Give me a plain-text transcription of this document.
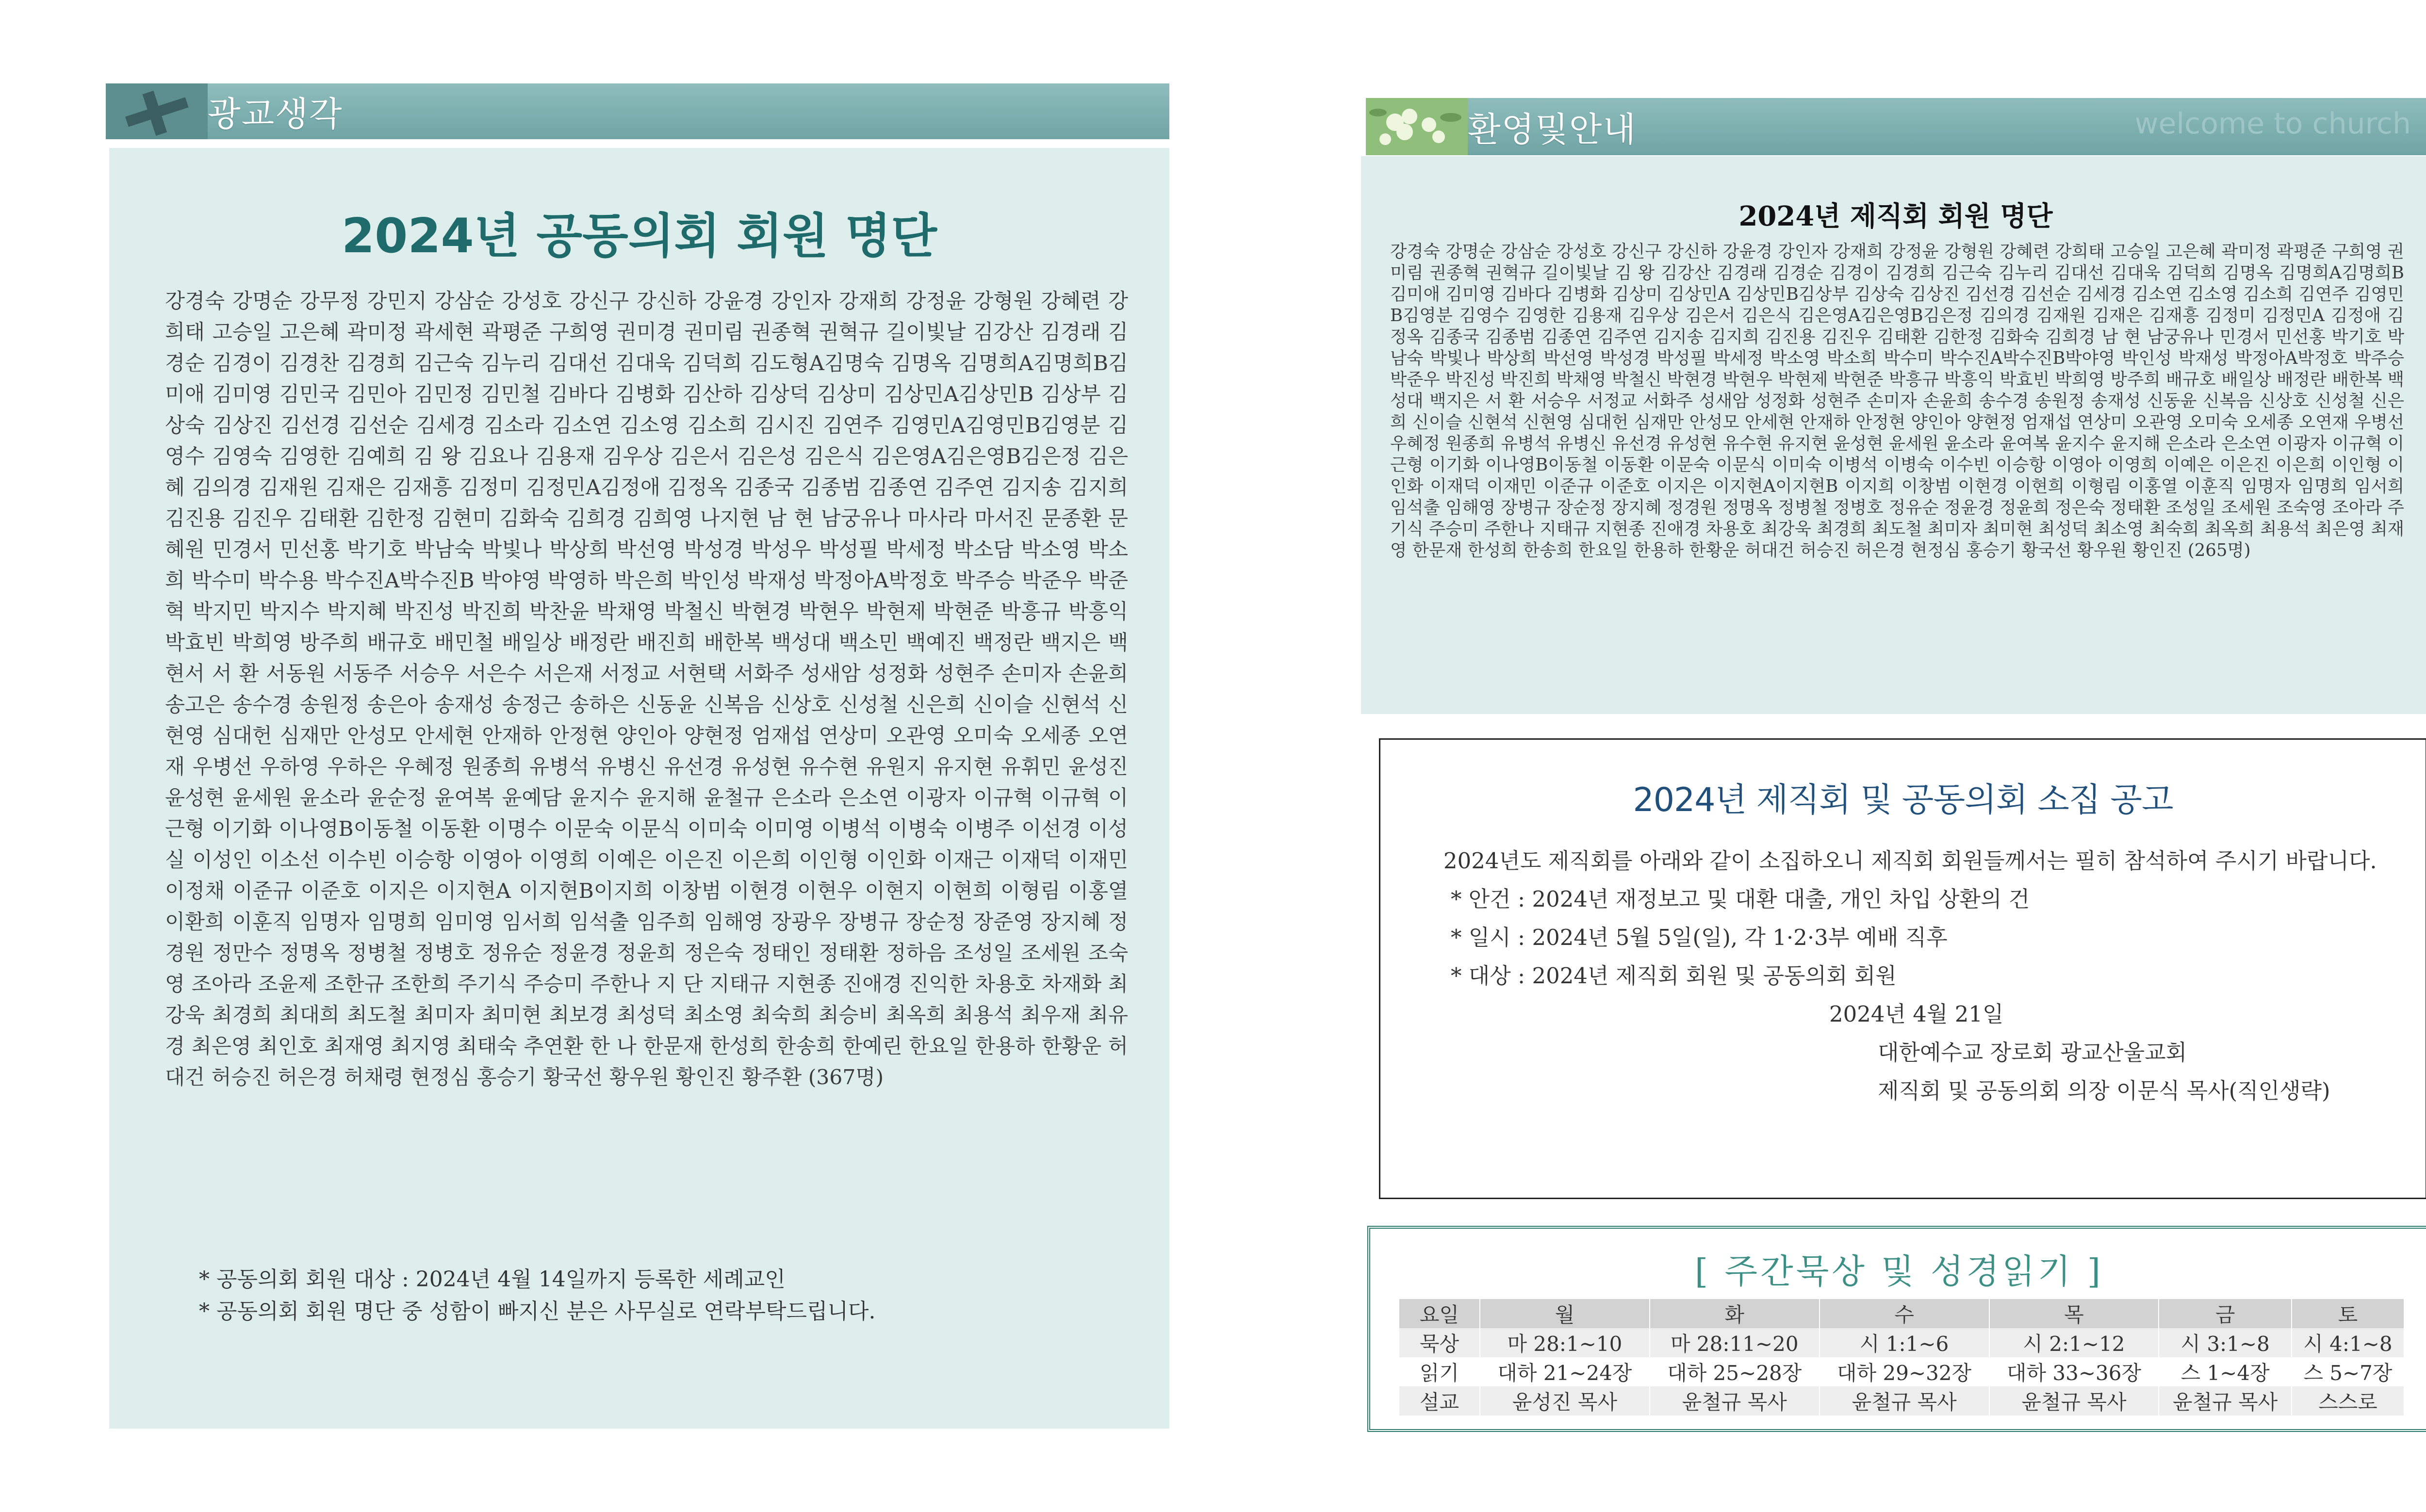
광교생각
2024년 공동의회 회원 명단

강경숙 강명순 강무정 강민지 강삼순 강성호 강신구 강신하 강윤경 강인자 강재희 강정윤 강형원 강혜련 강희태 고승일 고은혜 곽미정 곽세현 곽평준 구희영 권미경 권미림 권종혁 권혁규 길이빛날 김강산 김경래 김경순 김경이 김경찬 김경희 김근숙 김누리 김대선 김대욱 김덕희 김도형A김명숙 김명옥 김명희A김명희B김미애 김미영 김민국 김민아 김민정 김민철 김바다 김병화 김산하 김상덕 김상미 김상민A김상민B 김상부 김상숙 김상진 김선경 김선순 김세경 김소라 김소연 김소영 김소희 김시진 김연주 김영민A김영민B김영분 김영수 김영숙 김영한 김예희 김 왕 김요나 김용재 김우상 김은서 김은성 김은식 김은영A김은영B김은정 김은혜 김의경 김재원 김재은 김재흥 김정미 김정민A김정애 김정옥 김종국 김종범 김종연 김주연 김지송 김지희 김진용 김진우 김태환 김한정 김현미 김화숙 김희경 김희영 나지현 남 현 남궁유나 마사라 마서진 문종환 문혜원 민경서 민선홍 박기호 박남숙 박빛나 박상희 박선영 박성경 박성우 박성필 박세정 박소담 박소영 박소희 박수미 박수용 박수진A박수진B 박야영 박영하 박은희 박인성 박재성 박정아A박정호 박주승 박준우 박준혁 박지민 박지수 박지혜 박진성 박진희 박찬윤 박채영 박철신 박현경 박현우 박현제 박현준 박흥규 박흥익 박효빈 박희영 방주희 배규호 배민철 배일상 배정란 배진희 배한복 백성대 백소민 백예진 백정란 백지은 백현서 서 환 서동원 서동주 서승우 서은수 서은재 서정교 서현택 서화주 성새암 성정화 성현주 손미자 손윤희 송고은 송수경 송원정 송은아 송재성 송정근 송하은 신동윤 신복음 신상호 신성철 신은희 신이슬 신현석 신현영 심대헌 심재만 안성모 안세현 안재하 안정현 양인아 양현정 엄재섭 연상미 오관영 오미숙 오세종 오연재 우병선 우하영 우하은 우혜정 원종희 유병석 유병신 유선경 유성현 유수현 유원지 유지현 유휘민 윤성진 윤성현 윤세원 윤소라 윤순정 윤여복 윤예담 윤지수 윤지해 윤철규 은소라 은소연 이광자 이규혁 이규혁 이근형 이기화 이나영B이동철 이동환 이명수 이문숙 이문식 이미숙 이미영 이병석 이병숙 이병주 이선경 이성실 이성인 이소선 이수빈 이승항 이영아 이영희 이예은 이은진 이은희 이인형 이인화 이재근 이재덕 이재민 이정채 이준규 이준호 이지은 이지현A 이지현B이지희 이창범 이현경 이현우 이현지 이현희 이형림 이홍열 이환희 이훈직 임명자 임명희 임미영 임서희 임석출 임주희 임해영 장광우 장병규 장순정 장준영 장지혜 정경원 정만수 정명옥 정병철 정병호 정유순 정윤경 정윤희 정은숙 정태인 정태환 정하음 조성일 조세원 조숙영 조아라 조윤제 조한규 조한희 주기식 주승미 주한나 지 단 지태규 지현종 진애경 진익한 차용호 차재화 최강욱 최경희 최대희 최도철 최미자 최미현 최보경 최성덕 최소영 최숙희 최승비 최옥희 최용석 최우재 최유경 최은영 최인호 최재영 최지영 최태숙 추연환 한 나 한문재 한성희 한송희 한예린 한요일 한용하 한황운 허대건 허승진 허은경 허채령 현정심 홍승기 황국선 황우원 황인진 황주환 (367명)

* 공동의회 회원 대상 : 2024년 4월 14일까지 등록한 세례교인
* 공동의회 회원 명단 중 성함이 빠지신 분은 사무실로 연락부탁드립니다.
환영및안내	welcome to church
2024년 제직회 회원 명단

강경숙 강명순 강삼순 강성호 강신구 강신하 강윤경 강인자 강재희 강정윤 강형원 강혜련 강희태 고승일 고은혜 곽미정 곽평준 구희영 권미림 권종혁 권혁규 길이빛날 김 왕 김강산 김경래 김경순 김경이 김경희 김근숙 김누리 김대선 김대욱 김덕희 김명옥 김명희A김명희B김미애 김미영 김바다 김병화 김상미 김상민A 김상민B김상부 김상숙 김상진 김선경 김선순 김세경 김소연 김소영 김소희 김연주 김영민B김영분 김영수 김영한 김용재 김우상 김은서 김은식 김은영A김은영B김은정 김의경 김재원 김재은 김재흥 김정미 김정민A 김정애 김정옥 김종국 김종범 김종연 김주연 김지송 김지희 김진용 김진우 김태환 김한정 김화숙 김희경 남 현 남궁유나 민경서 민선홍 박기호 박남숙 박빛나 박상희 박선영 박성경 박성필 박세정 박소영 박소희 박수미 박수진A박수진B박야영 박인성 박재성 박정아A박정호 박주승 박준우 박진성 박진희 박채영 박철신 박현경 박현우 박현제 박현준 박흥규 박흥익 박효빈 박희영 방주희 배규호 배일상 배정란 배한복 백성대 백지은 서 환 서승우 서정교 서화주 성새암 성정화 성현주 손미자 손윤희 송수경 송원정 송재성 신동윤 신복음 신상호 신성철 신은희 신이슬 신현석 신현영 심대헌 심재만 안성모 안세현 안재하 안정현 양인아 양현정 엄재섭 연상미 오관영 오미숙 오세종 오연재 우병선 우혜정 원종희 유병석 유병신 유선경 유성현 유수현 유지현 윤성현 윤세원 윤소라 윤여복 윤지수 윤지해 은소라 은소연 이광자 이규혁 이근형 이기화 이나영B이동철 이동환 이문숙 이문식 이미숙 이병석 이병숙 이수빈 이승항 이영아 이영희 이예은 이은진 이은희 이인형 이인화 이재덕 이재민 이준규 이준호 이지은 이지현A이지현B 이지희 이창범 이현경 이현희 이형림 이홍열 이훈직 임명자 임명희 임서희 임석출 임해영 장병규 장순정 장지혜 정경원 정명옥 정병철 정병호 정유순 정윤경 정윤희 정은숙 정태환 조성일 조세원 조숙영 조아라 주기식 주승미 주한나 지태규 지현종 진애경 차용호 최강욱 최경희 최도철 최미자 최미현 최성덕 최소영 최숙희 최옥희 최용석 최은영 최재영 한문재 한성희 한송희 한요일 한용하 한황운 허대건 허승진 허은경 현정심 홍승기 황국선 황우원 황인진 (265명)

2024년 제직회 및 공동의회 소집 공고
2024년도 제직회를 아래와 같이 소집하오니 제직회 회원들께서는 필히 참석하여 주시기 바랍니다.
* 안건 : 2024년 재정보고 및 대환 대출, 개인 차입 상환의 건
* 일시 : 2024년 5월 5일(일), 각 1·2·3부 예배 직후
* 대상 : 2024년 제직회 회원 및 공동의회 회원
2024년 4월 21일
대한예수교 장로회 광교산울교회
제직회 및 공동의회 의장 이문식 목사(직인생략)
[ 주간묵상 및 성경읽기 ]
요일	월	화	수	목	금	토
묵상	마 28:1~10	마 28:11~20	시 1:1~6	시 2:1~12	시 3:1~8	시 4:1~8
읽기	대하 21~24장	대하 25~28장	대하 29~32장	대하 33~36장	스 1~4장	스 5~7장
설교	윤성진 목사	윤철규 목사	윤철규 목사	윤철규 목사	윤철규 목사	스스로
